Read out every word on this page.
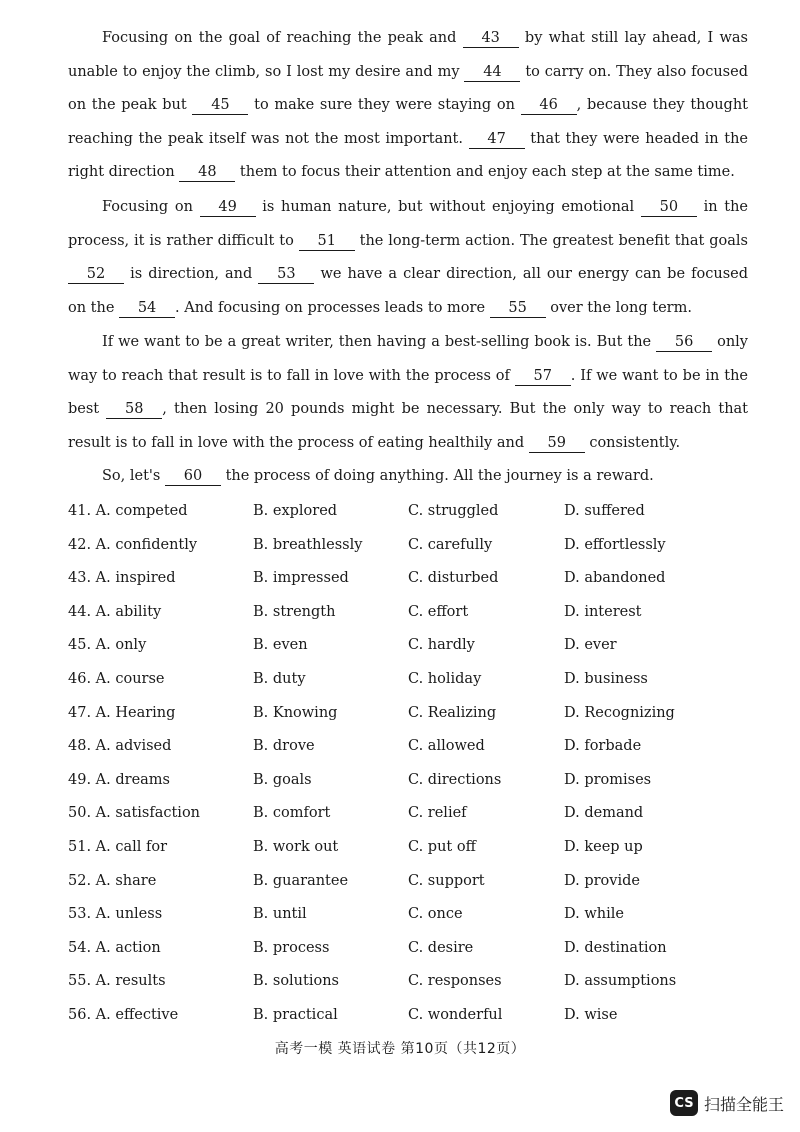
Focusing on the goal of reaching the peak and 43 by what still lay ahead, I was unable to enjoy the climb, so I lost my desire and my 44 to carry on. They also focused on the peak but 45 to make sure they were staying on 46 , because they thought reaching the peak itself was not the most important. 47 that they were headed in the right direction 48 them to focus their attention and enjoy each step at the same time.

Focusing on 49 is human nature, but without enjoying emotional 50 in the process, it is rather difficult to 51 the long-term action. The greatest benefit that goals 52 is direction, and 53 we have a clear direction, all our energy can be focused on the 54 . And focusing on processes leads to more 55 over the long term.

If we want to be a great writer, then having a best-selling book is. But the 56 only way to reach that result is to fall in love with the process of 57 . If we want to be in the best 58 , then losing 20 pounds might be necessary. But the only way to reach that result is to fall in love with the process of eating healthily and 59 consistently.

So, let's 60 the process of doing anything. All the journey is a reward.

41. A. competed	B. explored	C. struggled	D. suffered
42. A. confidently	B. breathlessly	C. carefully	D. effortlessly
43. A. inspired	B. impressed	C. disturbed	D. abandoned
44. A. ability	B. strength	C. effort	D. interest
45. A. only	B. even	C. hardly	D. ever
46. A. course	B. duty	C. holiday	D. business
47. A. Hearing	B. Knowing	C. Realizing	D. Recognizing
48. A. advised	B. drove	C. allowed	D. forbade
49. A. dreams	B. goals	C. directions	D. promises
50. A. satisfaction	B. comfort	C. relief	D. demand
51. A. call for	B. work out	C. put off	D. keep up
52. A. share	B. guarantee	C. support	D. provide
53. A. unless	B. until	C. once	D. while
54. A. action	B. process	C. desire	D. destination
55. A. results	B. solutions	C. responses	D. assumptions
56. A. effective	B. practical	C. wonderful	D. wise
高考一模 英语试卷 第10页（共12页）
CS 扫描全能王
